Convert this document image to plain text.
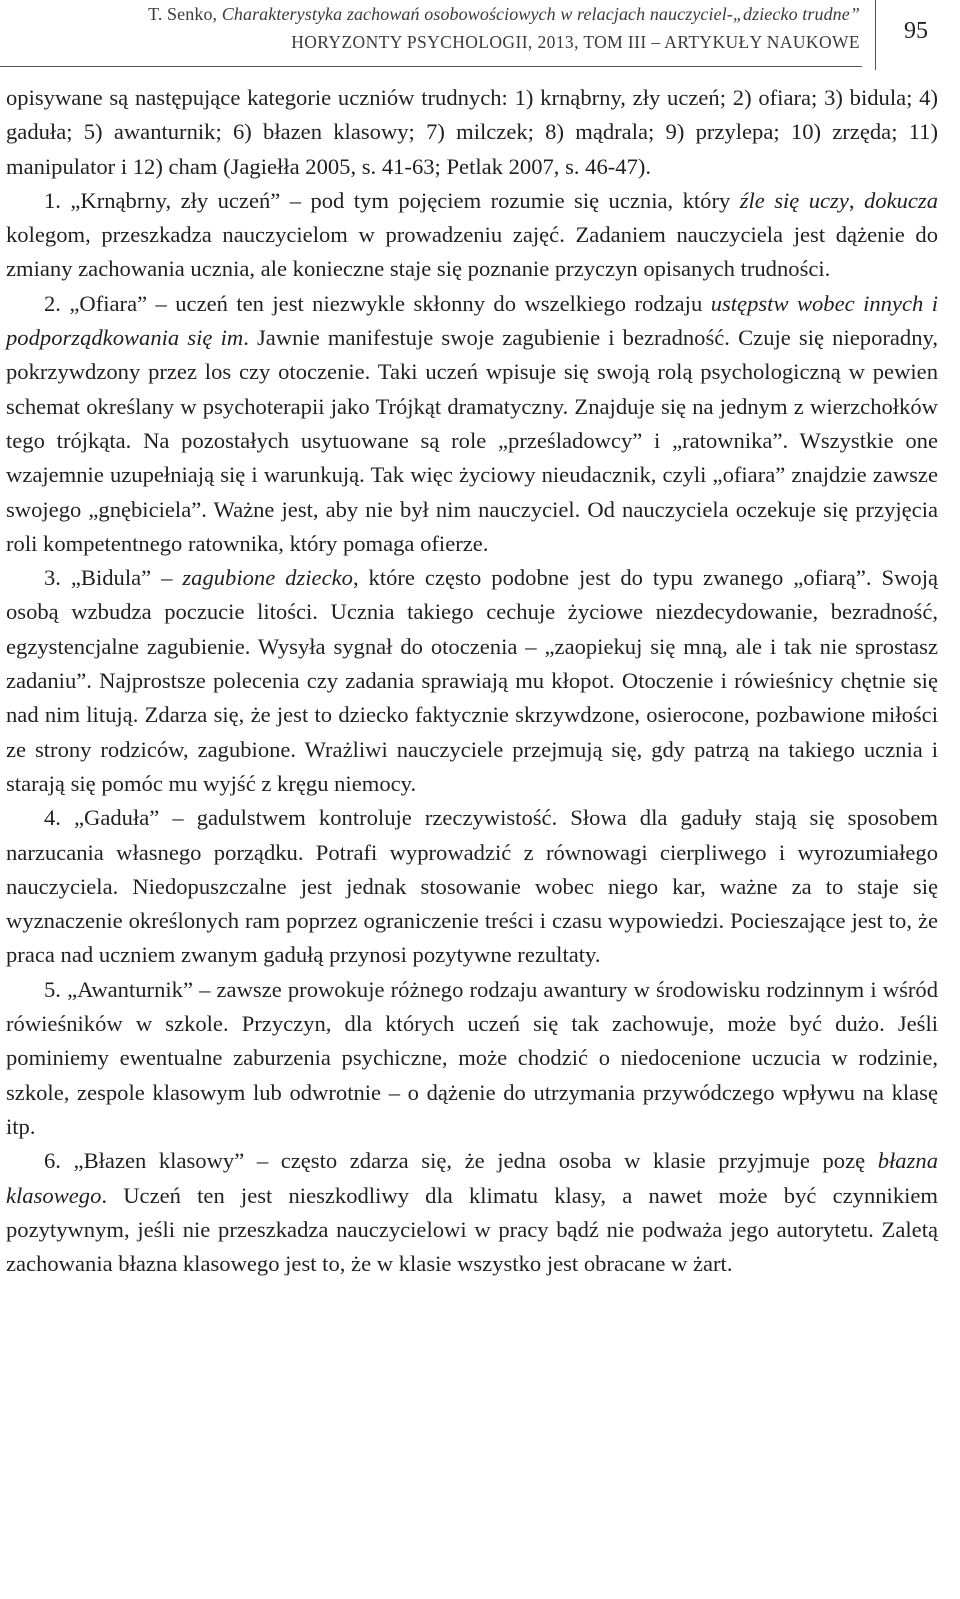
T. Senko, Charakterystyka zachowań osobowościowych w relacjach nauczyciel-„dziecko trudne”
HORYZONTY PSYCHOLOGII, 2013, TOM III – ARTYKUŁY NAUKOWE	95

opisywane są następujące kategorie uczniów trudnych: 1) krnąbrny, zły uczeń; 2) ofiara; 3) bidula; 4) gaduła; 5) awanturnik; 6) błazen klasowy; 7) milczek; 8) mądrala; 9) przylepa; 10) zrzęda; 11) manipulator i 12) cham (Jagiełła 2005, s. 41-63; Petlak 2007, s. 46-47).

1. „Krnąbrny, zły uczeń” – pod tym pojęciem rozumie się ucznia, który źle się uczy, dokucza kolegom, przeszkadza nauczycielom w prowadzeniu zajęć. Zadaniem nauczyciela jest dążenie do zmiany zachowania ucznia, ale konieczne staje się poznanie przyczyn opisanych trudności.

2. „Ofiara” – uczeń ten jest niezwykle skłonny do wszelkiego rodzaju ustępstw wobec innych i podporządkowania się im. Jawnie manifestuje swoje zagubienie i bezradność. Czuje się nieporadny, pokrzywdzony przez los czy otoczenie. Taki uczeń wpisuje się swoją rolą psychologiczną w pewien schemat określany w psychoterapii jako Trójkąt dramatyczny. Znajduje się na jednym z wierzchołków tego trójkąta. Na pozostałych usytuowane są role „prześladowcy” i „ratownika”. Wszystkie one wzajemnie uzupełniają się i warunkują. Tak więc życiowy nieudacznik, czyli „ofiara” znajdzie zawsze swojego „gnębiciela”. Ważne jest, aby nie był nim nauczyciel. Od nauczyciela oczekuje się przyjęcia roli kompetentnego ratownika, który pomaga ofierze.

3. „Bidula” – zagubione dziecko, które często podobne jest do typu zwanego „ofiarą”. Swoją osobą wzbudza poczucie litości. Ucznia takiego cechuje życiowe niezdecydowanie, bezradność, egzystencjalne zagubienie. Wysyła sygnał do otoczenia – „zaopiekuj się mną, ale i tak nie sprostasz zadaniu”. Najprostsze polecenia czy zadania sprawiają mu kłopot. Otoczenie i rówieśnicy chętnie się nad nim litują. Zdarza się, że jest to dziecko faktycznie skrzywdzone, osierocone, pozbawione miłości ze strony rodziców, zagubione. Wrażliwi nauczyciele przejmują się, gdy patrzą na takiego ucznia i starają się pomóc mu wyjść z kręgu niemocy.

4. „Gaduła” – gadulstwem kontroluje rzeczywistość. Słowa dla gaduły stają się sposobem narzucania własnego porządku. Potrafi wyprowadzić z równowagi cierpliwego i wyrozumiałego nauczyciela. Niedopuszczalne jest jednak stosowanie wobec niego kar, ważne za to staje się wyznaczenie określonych ram poprzez ograniczenie treści i czasu wypowiedzi. Pocieszające jest to, że praca nad uczniem zwanym gadułą przynosi pozytywne rezultaty.

5. „Awanturnik” – zawsze prowokuje różnego rodzaju awantury w środowisku rodzinnym i wśród rówieśników w szkole. Przyczyn, dla których uczeń się tak zachowuje, może być dużo. Jeśli pominiemy ewentualne zaburzenia psychiczne, może chodzić o niedocenione uczucia w rodzinie, szkole, zespole klasowym lub odwrotnie – o dążenie do utrzymania przywódczego wpływu na klasę itp.

6. „Błazen klasowy” – często zdarza się, że jedna osoba w klasie przyjmuje pozę błazna klasowego. Uczeń ten jest nieszkodliwy dla klimatu klasy, a nawet może być czynnikiem pozytywnym, jeśli nie przeszkadza nauczycielowi w pracy bądź nie podważa jego autorytetu. Zaletą zachowania błazna klasowego jest to, że w klasie wszystko jest obracane w żart.
